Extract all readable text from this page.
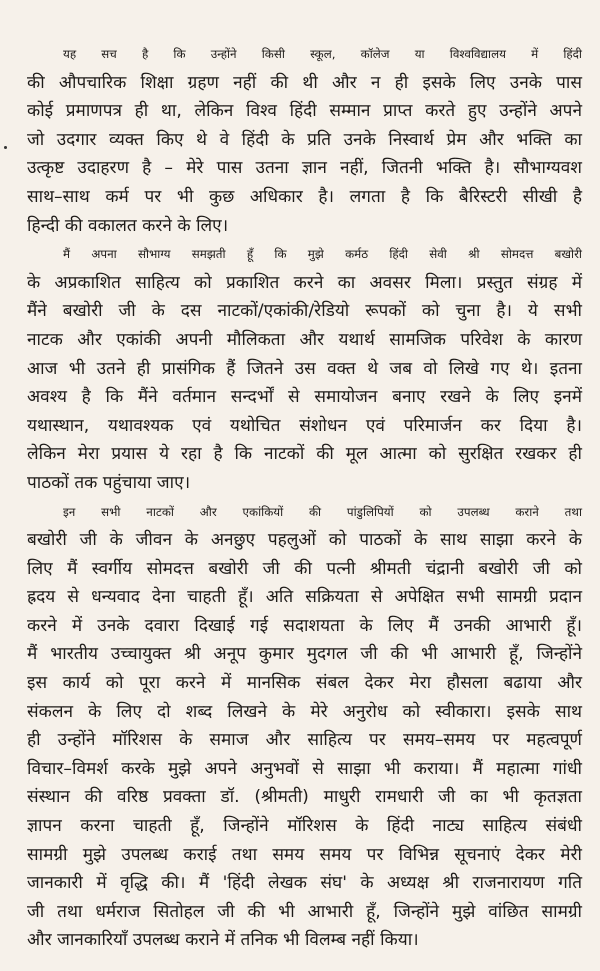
यह सच है कि उन्होंने किसी स्कूल, कॉलेज या विश्वविद्यालय में हिंदी
की औपचारिक शिक्षा ग्रहण नहीं की थी और न ही इसके लिए उनके पास
कोई प्रमाणपत्र ही था, लेकिन विश्व हिंदी सम्मान प्राप्त करते हुए उन्होंने अपने
जो उदगार व्यक्त किए थे वे हिंदी के प्रति उनके निस्वार्थ प्रेम और भक्ति का
उत्कृष्ट उदाहरण है – मेरे पास उतना ज्ञान नहीं, जितनी भक्ति है। सौभाग्यवश
साथ–साथ कर्म पर भी कुछ अधिकार है। लगता है कि बैरिस्टरी सीखी है
हिन्दी की वकालत करने के लिए।

मैं अपना सौभाग्य समझती हूँ कि मुझे कर्मठ हिंदी सेवी श्री सोमदत्त बखोरी
के अप्रकाशित साहित्य को प्रकाशित करने का अवसर मिला। प्रस्तुत संग्रह में
मैंने बखोरी जी के दस नाटकों/एकांकी/रेडियो रूपकों को चुना है। ये सभी
नाटक और एकांकी अपनी मौलिकता और यथार्थ सामजिक परिवेश के कारण
आज भी उतने ही प्रासंगिक हैं जितने उस वक्त थे जब वो लिखे गए थे। इतना
अवश्य है कि मैंने वर्तमान सन्दर्भों से समायोजन बनाए रखने के लिए इनमें
यथास्थान, यथावश्यक एवं यथोचित संशोधन एवं परिमार्जन कर दिया है।
लेकिन मेरा प्रयास ये रहा है कि नाटकों की मूल आत्मा को सुरक्षित रखकर ही
पाठकों तक पहुंचाया जाए।

इन सभी नाटकों और एकांकियों की पांडुलिपियों को उपलब्ध कराने तथा
बखोरी जी के जीवन के अनछुए पहलुओं को पाठकों के साथ साझा करने के
लिए मैं स्वर्गीय सोमदत्त बखोरी जी की पत्नी श्रीमती चंद्रानी बखोरी जी को
ह्रदय से धन्यवाद देना चाहती हूँ। अति सक्रियता से अपेक्षित सभी सामग्री प्रदान
करने में उनके दवारा दिखाई गई सदाशयता के लिए मैं उनकी आभारी हूँ।
मैं भारतीय उच्चायुक्त श्री अनूप कुमार मुदगल जी की भी आभारी हूँ, जिन्होंने
इस कार्य को पूरा करने में मानसिक संबल देकर मेरा हौसला बढाया और
संकलन के लिए दो शब्द लिखने के मेरे अनुरोध को स्वीकारा। इसके साथ
ही उन्होंने मॉरिशस के समाज और साहित्य पर समय–समय पर महत्वपूर्ण
विचार–विमर्श करके मुझे अपने अनुभवों से साझा भी कराया। मैं महात्मा गांधी
संस्थान की वरिष्ठ प्रवक्ता डॉ. (श्रीमती) माधुरी रामधारी जी का भी कृतज्ञता
ज्ञापन करना चाहती हूँ, जिन्होंने मॉरिशस के हिंदी नाट्य साहित्य संबंधी
सामग्री मुझे उपलब्ध कराई तथा समय समय पर विभिन्न सूचनाएं देकर मेरी
जानकारी में वृद्धि की। मैं 'हिंदी लेखक संघ' के अध्यक्ष श्री राजनारायण गति
जी तथा धर्मराज सितोहल जी की भी आभारी हूँ, जिन्होंने मुझे वांछित सामग्री
और जानकारियाँ उपलब्ध कराने में तनिक भी विलम्ब नहीं किया।
